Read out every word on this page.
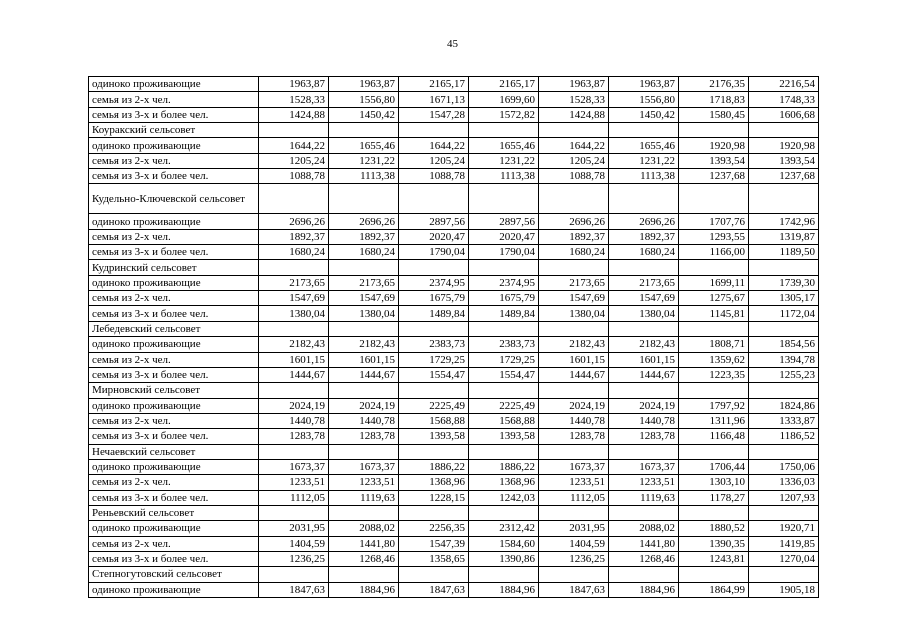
45
одиноко проживающие	1963,87	1963,87	2165,17	2165,17	1963,87	1963,87	2176,35	2216,54
семья из 2-х чел.	1528,33	1556,80	1671,13	1699,60	1528,33	1556,80	1718,83	1748,33
семья из 3-х и более чел.	1424,88	1450,42	1547,28	1572,82	1424,88	1450,42	1580,45	1606,68
Коуракский сельсовет								
одиноко проживающие	1644,22	1655,46	1644,22	1655,46	1644,22	1655,46	1920,98	1920,98
семья из 2-х чел.	1205,24	1231,22	1205,24	1231,22	1205,24	1231,22	1393,54	1393,54
семья из 3-х и более чел.	1088,78	1113,38	1088,78	1113,38	1088,78	1113,38	1237,68	1237,68
Кудельно-Ключевской сельсовет								
одиноко проживающие	2696,26	2696,26	2897,56	2897,56	2696,26	2696,26	1707,76	1742,96
семья из 2-х чел.	1892,37	1892,37	2020,47	2020,47	1892,37	1892,37	1293,55	1319,87
семья из 3-х и более чел.	1680,24	1680,24	1790,04	1790,04	1680,24	1680,24	1166,00	1189,50
Кудринский сельсовет								
одиноко проживающие	2173,65	2173,65	2374,95	2374,95	2173,65	2173,65	1699,11	1739,30
семья из 2-х чел.	1547,69	1547,69	1675,79	1675,79	1547,69	1547,69	1275,67	1305,17
семья из 3-х и более чел.	1380,04	1380,04	1489,84	1489,84	1380,04	1380,04	1145,81	1172,04
Лебедевский сельсовет								
одиноко проживающие	2182,43	2182,43	2383,73	2383,73	2182,43	2182,43	1808,71	1854,56
семья из 2-х чел.	1601,15	1601,15	1729,25	1729,25	1601,15	1601,15	1359,62	1394,78
семья из 3-х и более чел.	1444,67	1444,67	1554,47	1554,47	1444,67	1444,67	1223,35	1255,23
Мирновский сельсовет								
одиноко проживающие	2024,19	2024,19	2225,49	2225,49	2024,19	2024,19	1797,92	1824,86
семья из 2-х чел.	1440,78	1440,78	1568,88	1568,88	1440,78	1440,78	1311,96	1333,87
семья из 3-х и более чел.	1283,78	1283,78	1393,58	1393,58	1283,78	1283,78	1166,48	1186,52
Нечаевский сельсовет								
одиноко проживающие	1673,37	1673,37	1886,22	1886,22	1673,37	1673,37	1706,44	1750,06
семья из 2-х чел.	1233,51	1233,51	1368,96	1368,96	1233,51	1233,51	1303,10	1336,03
семья из 3-х и более чел.	1112,05	1119,63	1228,15	1242,03	1112,05	1119,63	1178,27	1207,93
Реньевский сельсовет								
одиноко проживающие	2031,95	2088,02	2256,35	2312,42	2031,95	2088,02	1880,52	1920,71
семья из 2-х чел.	1404,59	1441,80	1547,39	1584,60	1404,59	1441,80	1390,35	1419,85
семья из 3-х и более чел.	1236,25	1268,46	1358,65	1390,86	1236,25	1268,46	1243,81	1270,04
Степногутовский сельсовет								
одиноко проживающие	1847,63	1884,96	1847,63	1884,96	1847,63	1884,96	1864,99	1905,18
